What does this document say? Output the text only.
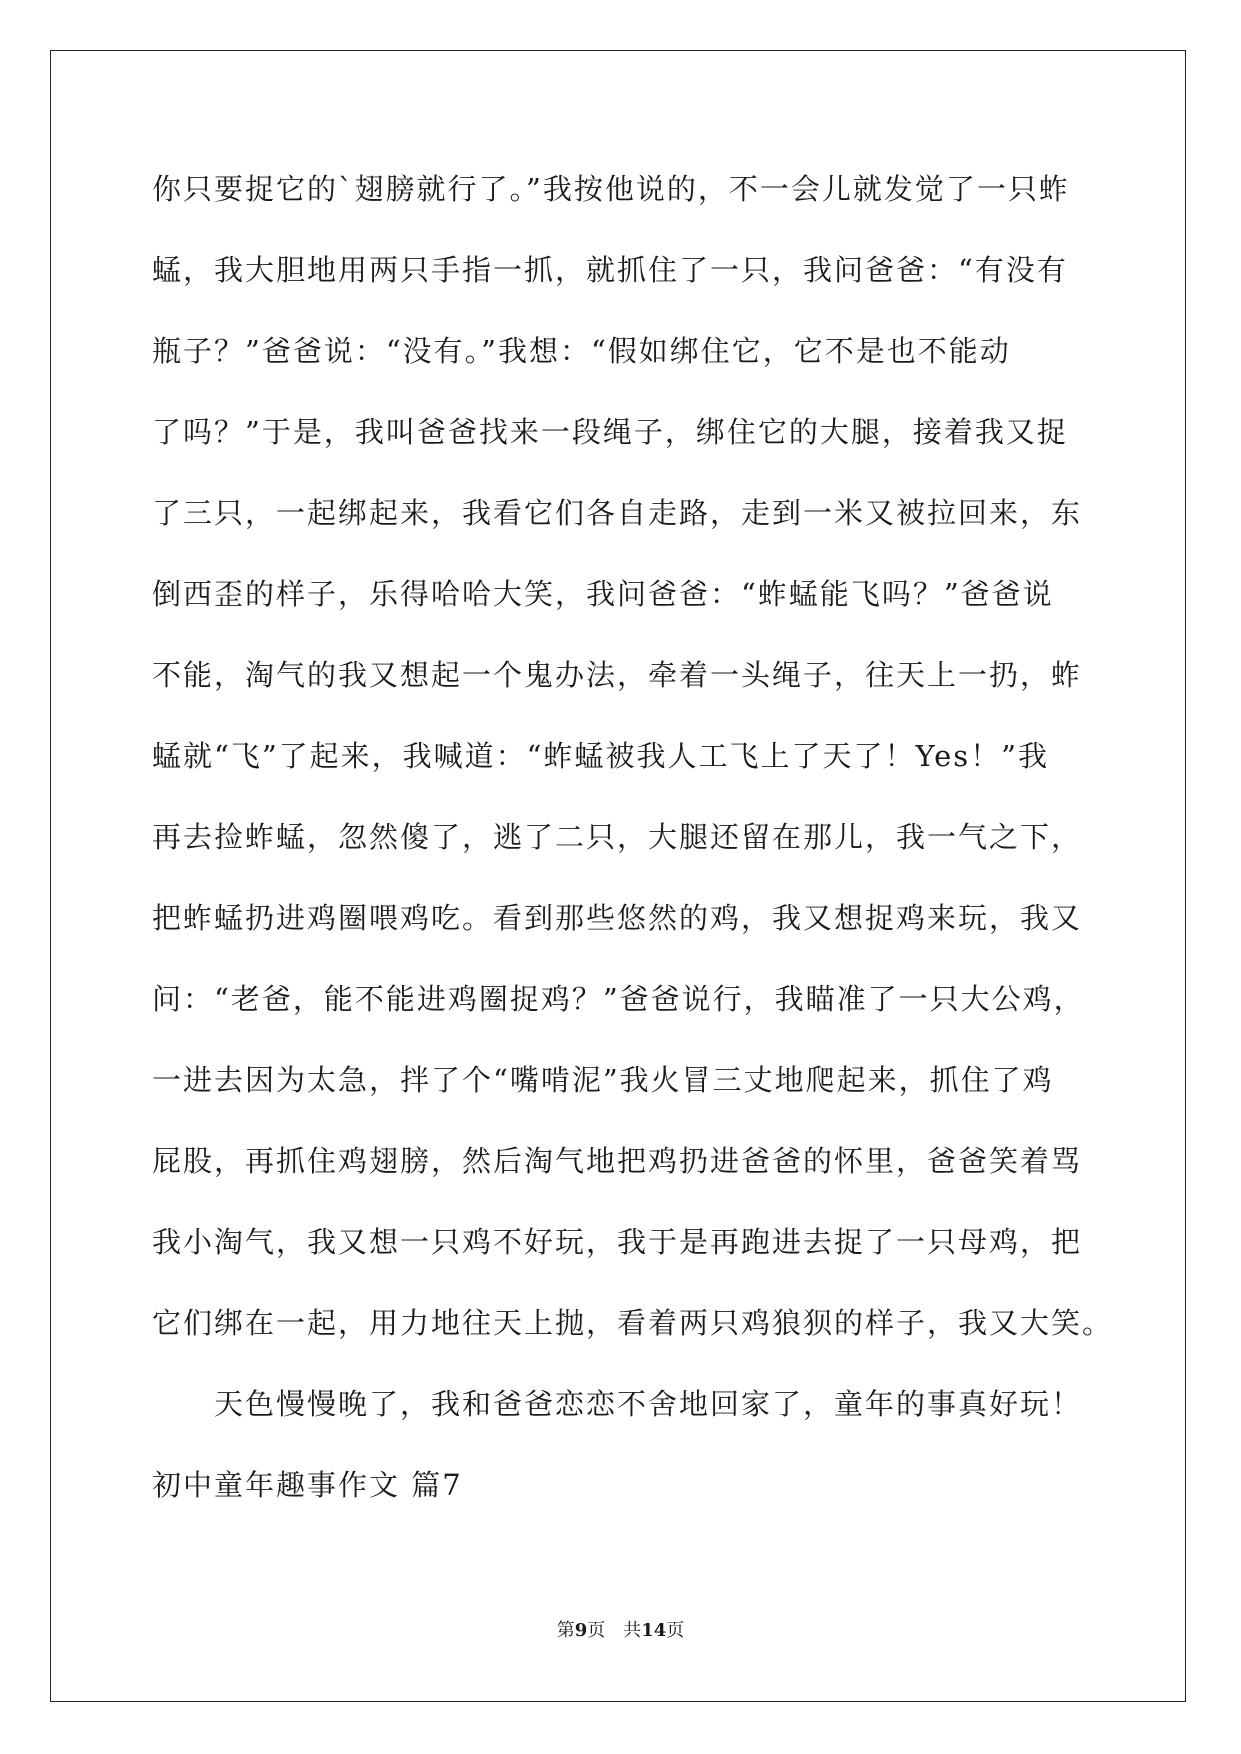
你只要捉它的`翅膀就行了。”我按他说的，不一会儿就发觉了一只蚱
蜢，我大胆地用两只手指一抓，就抓住了一只，我问爸爸：“有没有
瓶子？”爸爸说：“没有。”我想：“假如绑住它，它不是也不能动
了吗？”于是，我叫爸爸找来一段绳子，绑住它的大腿，接着我又捉
了三只，一起绑起来，我看它们各自走路，走到一米又被拉回来，东
倒西歪的样子，乐得哈哈大笑，我问爸爸：“蚱蜢能飞吗？”爸爸说
不能，淘气的我又想起一个鬼办法，牵着一头绳子，往天上一扔，蚱
蜢就“飞”了起来，我喊道：“蚱蜢被我人工飞上了天了！Yes！”我
再去捡蚱蜢，忽然傻了，逃了二只，大腿还留在那儿，我一气之下，
把蚱蜢扔进鸡圈喂鸡吃。看到那些悠然的鸡，我又想捉鸡来玩，我又
问：“老爸，能不能进鸡圈捉鸡？”爸爸说行，我瞄准了一只大公鸡，
一进去因为太急，拌了个“嘴啃泥”我火冒三丈地爬起来，抓住了鸡
屁股，再抓住鸡翅膀，然后淘气地把鸡扔进爸爸的怀里，爸爸笑着骂
我小淘气，我又想一只鸡不好玩，我于是再跑进去捉了一只母鸡，把
它们绑在一起，用力地往天上抛，看着两只鸡狼狈的样子，我又大笑。
天色慢慢晚了，我和爸爸恋恋不舍地回家了，童年的事真好玩！
初中童年趣事作文 篇7
第9页 共14页
